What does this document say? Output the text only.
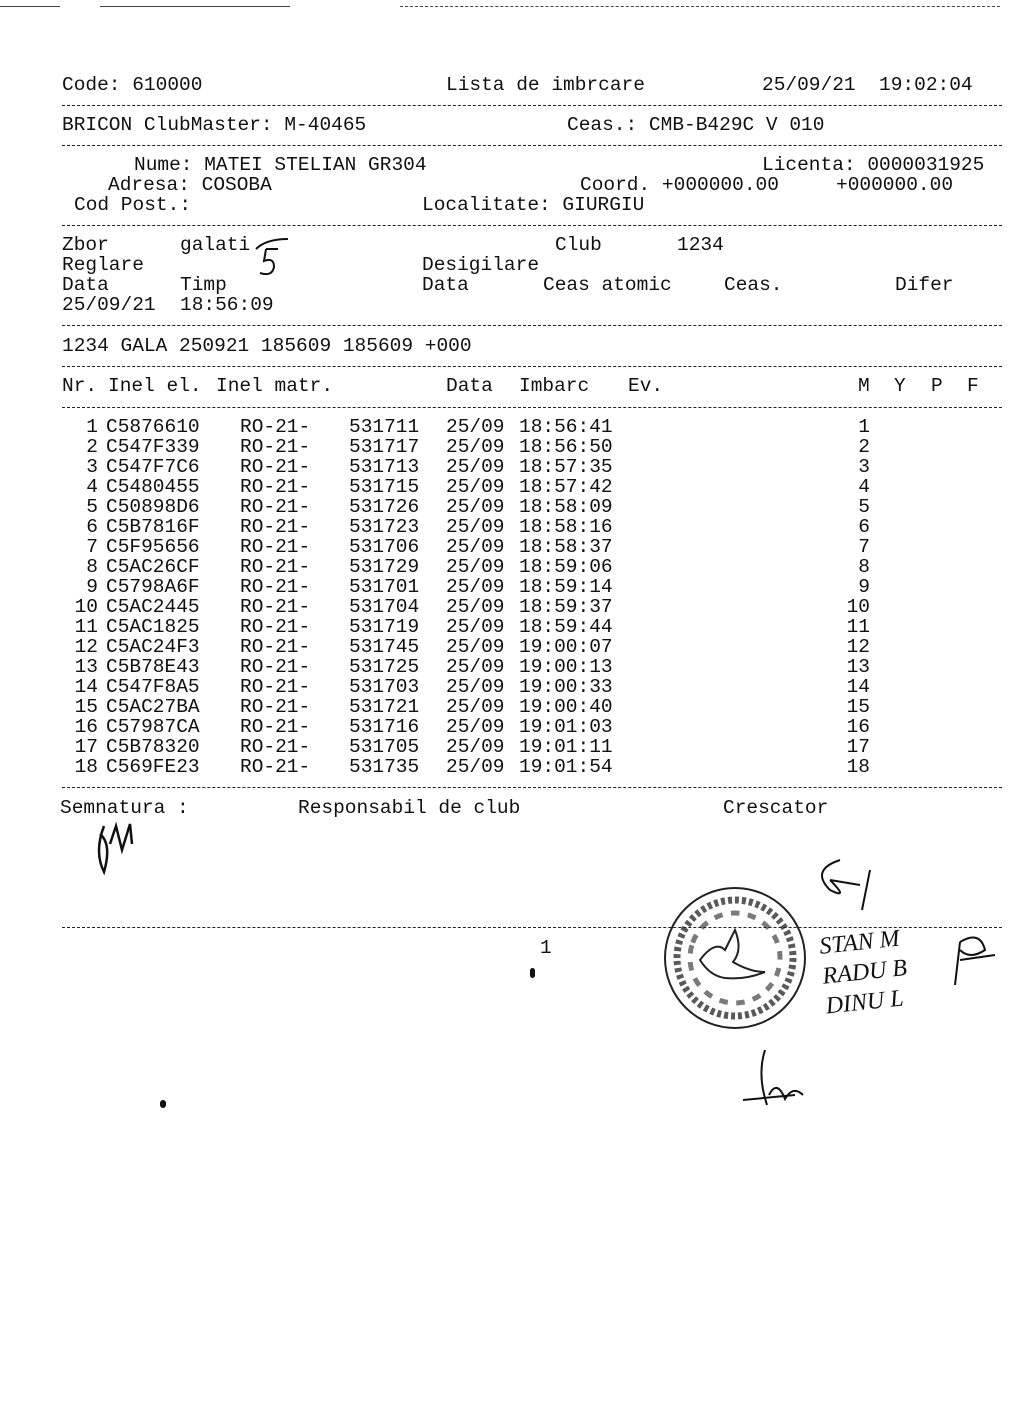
Code: 610000	Lista de imbrcare	25/09/21  19:02:04
BRICON ClubMaster: M-40465	Ceas.: CMB-B429C V 010
Nume: MATEI STELIAN GR304	Licenta: 0000031925
Adresa: COSOBA	Coord. +000000.00	+000000.00
Cod Post.:	Localitate: GIURGIU
Zbor	galati	Club	1234
Reglare	Desigilare
Data	Timp	Data	Ceas atomic	Ceas.	Difer
25/09/21 18:56:09
1234 GALA 250921 185609 185609 +000
Nr. Inel el. Inel matr.	Data Imbarc Ev.	M Y P F
1 C5876610 RO-21- 531711 25/09 18:56:41	1
2 C547F339 RO-21- 531717 25/09 18:56:50	2
3 C547F7C6 RO-21- 531713 25/09 18:57:35	3
4 C5480455 RO-21- 531715 25/09 18:57:42	4
5 C50898D6 RO-21- 531726 25/09 18:58:09	5
6 C5B7816F RO-21- 531723 25/09 18:58:16	6
7 C5F95656 RO-21- 531706 25/09 18:58:37	7
8 C5AC26CF RO-21- 531729 25/09 18:59:06	8
9 C5798A6F RO-21- 531701 25/09 18:59:14	9
10 C5AC2445 RO-21- 531704 25/09 18:59:37	10
11 C5AC1825 RO-21- 531719 25/09 18:59:44	11
12 C5AC24F3 RO-21- 531745 25/09 19:00:07	12
13 C5B78E43 RO-21- 531725 25/09 19:00:13	13
14 C547F8A5 RO-21- 531703 25/09 19:00:33	14
15 C5AC27BA RO-21- 531721 25/09 19:00:40	15
16 C57987CA RO-21- 531716 25/09 19:01:03	16
17 C5B78320 RO-21- 531705 25/09 19:01:11	17
18 C569FE23 RO-21- 531735 25/09 19:01:54	18
Semnatura :	Responsabil de club	Crescator
1	STAN M RADU B DINU L
